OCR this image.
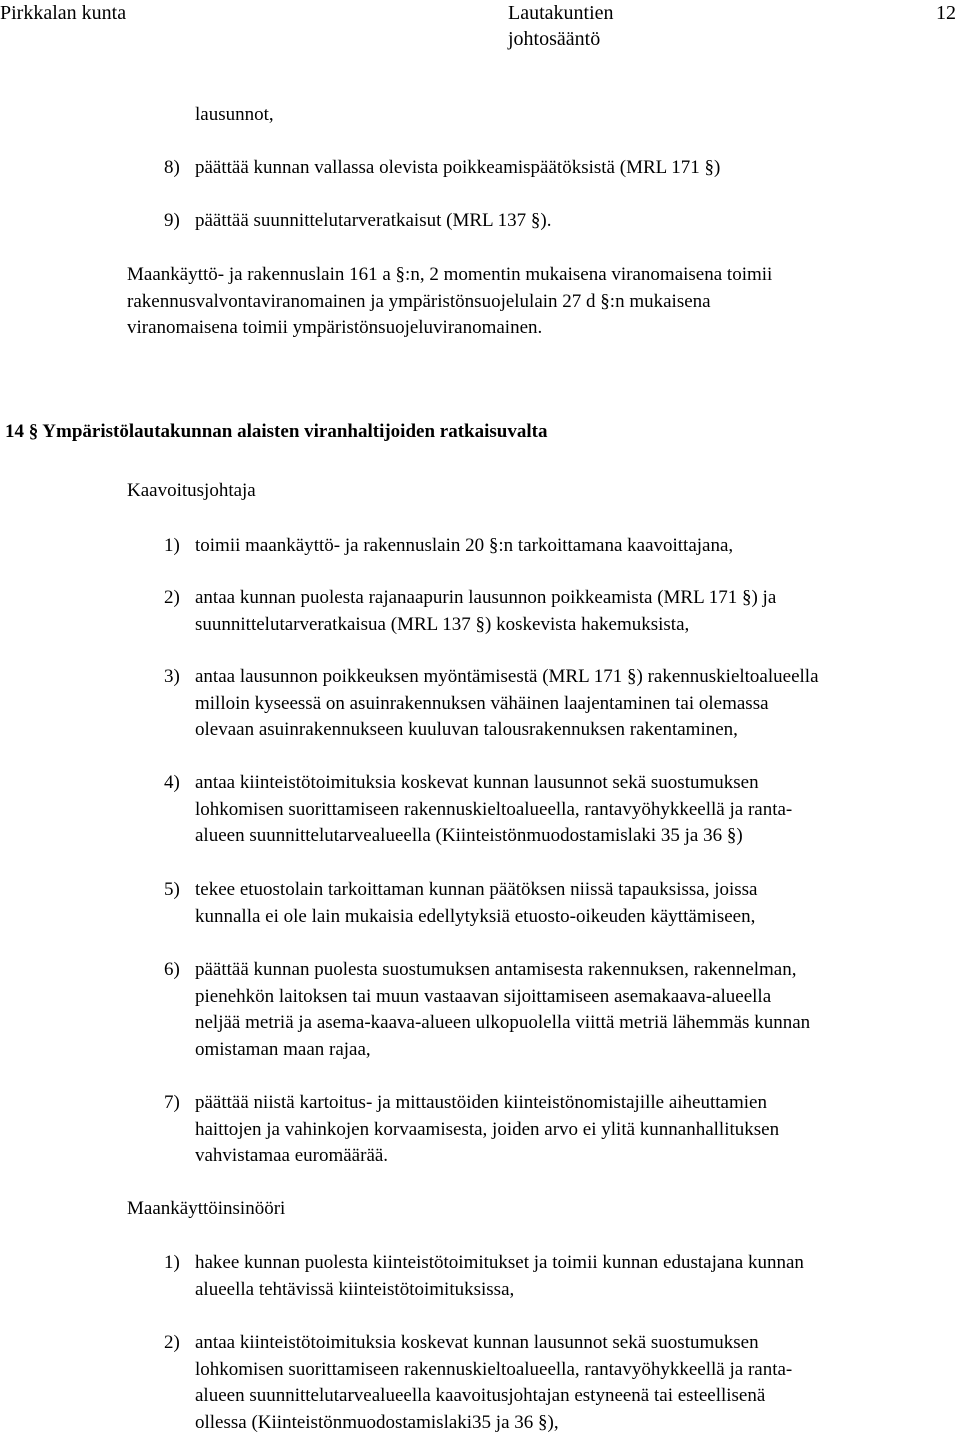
Pirkkalan kunta	Lautakuntien
johtosääntö
12
lausunnot,
8) päättää kunnan vallassa olevista poikkeamispäätöksistä (MRL 171 §)
9) päättää suunnittelutarveratkaisut (MRL 137 §).
Maankäyttö- ja rakennuslain 161 a §:n, 2 momentin mukaisena viranomaisena toimii
rakennusvalvontaviranomainen ja ympäristönsuojelulain 27 d §:n mukaisena
viranomaisena toimii ympäristönsuojeluviranomainen.
14 § Ympäristölautakunnan alaisten viranhaltijoiden ratkaisuvalta
Kaavoitusjohtaja
1) toimii maankäyttö- ja rakennuslain 20 §:n tarkoittamana kaavoittajana,
2) antaa kunnan puolesta rajanaapurin lausunnon poikkeamista (MRL 171 §) ja
suunnittelutarveratkaisua (MRL 137 §) koskevista hakemuksista,
3) antaa lausunnon poikkeuksen myöntämisestä (MRL 171 §) rakennuskieltoalueella
milloin kyseessä on asuinrakennuksen vähäinen laajentaminen tai olemassa
olevaan asuinrakennukseen kuuluvan talousrakennuksen rakentaminen,
4) antaa kiinteistötoimituksia koskevat kunnan lausunnot sekä suostumuksen
lohkomisen suorittamiseen rakennuskieltoalueella, rantavyöhykkeellä ja ranta-
alueen suunnittelutarvealueella (Kiinteistönmuodostamislaki 35 ja 36 §)
5) tekee etuostolain tarkoittaman kunnan päätöksen niissä tapauksissa, joissa
kunnalla ei ole lain mukaisia edellytyksiä etuosto-oikeuden käyttämiseen,
6) päättää kunnan puolesta suostumuksen antamisesta rakennuksen, rakennelman,
pienehkön laitoksen tai muun vastaavan sijoittamiseen asemakaava-alueella
neljää metriä ja asema-kaava-alueen ulkopuolella viittä metriä lähemmäs kunnan
omistaman maan rajaa,
7) päättää niistä kartoitus- ja mittaustöiden kiinteistönomistajille aiheuttamien
haittojen ja vahinkojen korvaamisesta, joiden arvo ei ylitä kunnanhallituksen
vahvistamaa euromäärää.
Maankäyttöinsinööri
1) hakee kunnan puolesta kiinteistötoimitukset ja toimii kunnan edustajana kunnan
alueella tehtävissä kiinteistötoimituksissa,
2) antaa kiinteistötoimituksia koskevat kunnan lausunnot sekä suostumuksen
lohkomisen suorittamiseen rakennuskieltoalueella, rantavyöhykkeellä ja ranta-
alueen suunnittelutarvealueella kaavoitusjohtajan estyneenä tai esteellisenä
ollessa (Kiinteistönmuodostamislaki35 ja 36 §),
